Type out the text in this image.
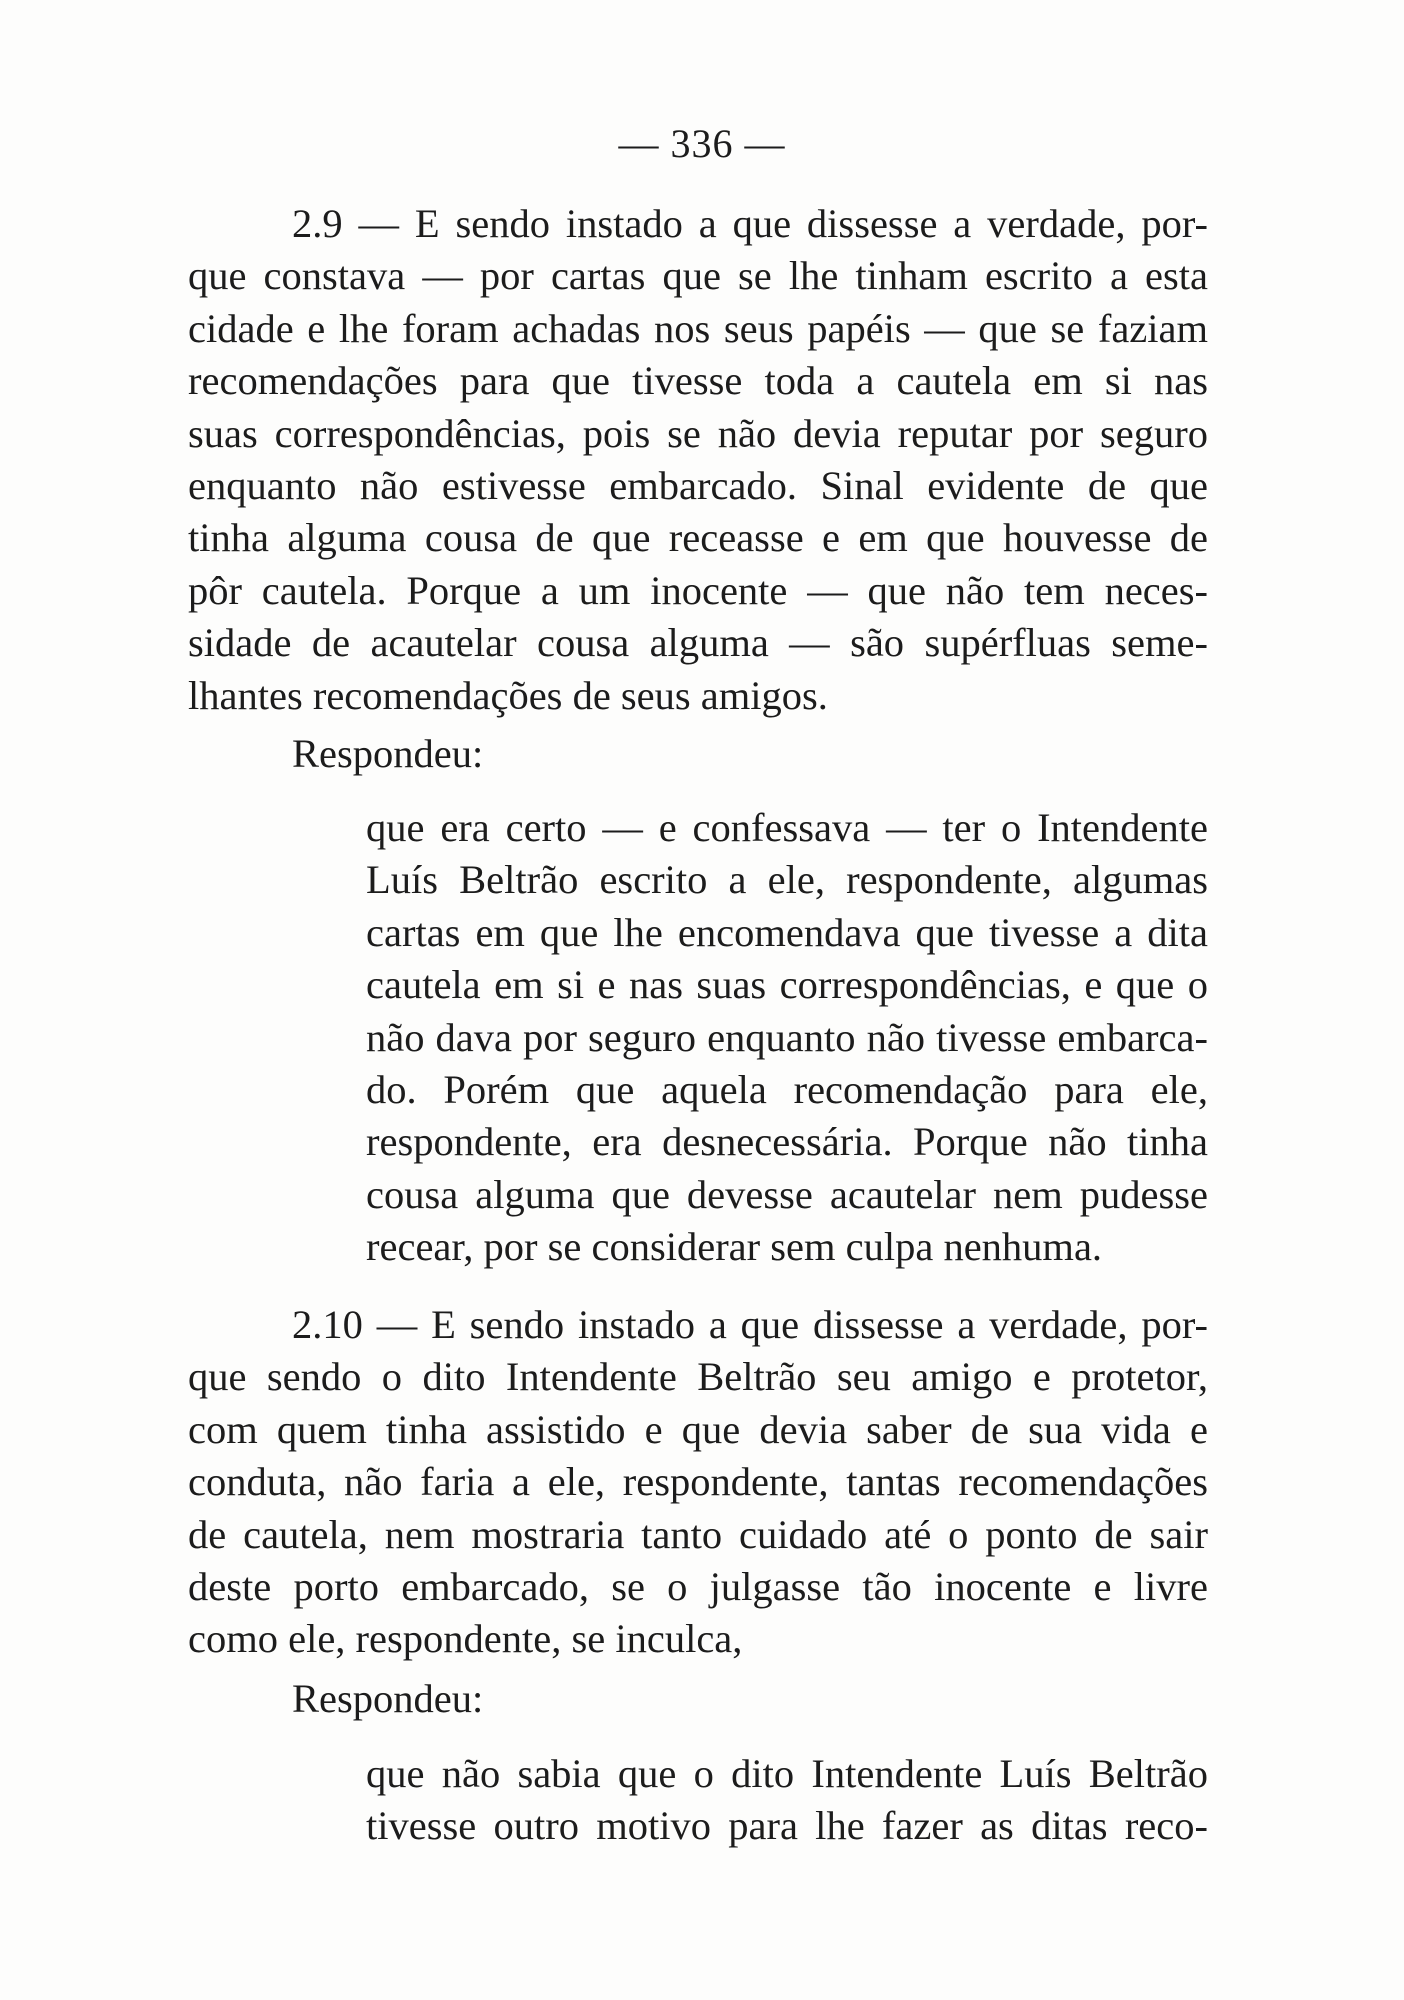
— 336 —
2.9 — E sendo instado a que dissesse a verdade, por-
que constava — por cartas que se lhe tinham escrito a esta
cidade e lhe foram achadas nos seus papéis — que se faziam
recomendações para que tivesse toda a cautela em si nas
suas correspondências, pois se não devia reputar por seguro
enquanto não estivesse embarcado. Sinal evidente de que
tinha alguma cousa de que receasse e em que houvesse de
pôr cautela. Porque a um inocente — que não tem neces-
sidade de acautelar cousa alguma — são supérfluas seme-
lhantes recomendações de seus amigos.
Respondeu:
que era certo — e confessava — ter o Intendente
Luís Beltrão escrito a ele, respondente, algumas
cartas em que lhe encomendava que tivesse a dita
cautela em si e nas suas correspondências, e que o
não dava por seguro enquanto não tivesse embarca-
do. Porém que aquela recomendação para ele,
respondente, era desnecessária. Porque não tinha
cousa alguma que devesse acautelar nem pudesse
recear, por se considerar sem culpa nenhuma.
2.10 — E sendo instado a que dissesse a verdade, por-
que sendo o dito Intendente Beltrão seu amigo e protetor,
com quem tinha assistido e que devia saber de sua vida e
conduta, não faria a ele, respondente, tantas recomendações
de cautela, nem mostraria tanto cuidado até o ponto de sair
deste porto embarcado, se o julgasse tão inocente e livre
como ele, respondente, se inculca,
Respondeu:
que não sabia que o dito Intendente Luís Beltrão
tivesse outro motivo para lhe fazer as ditas reco-
